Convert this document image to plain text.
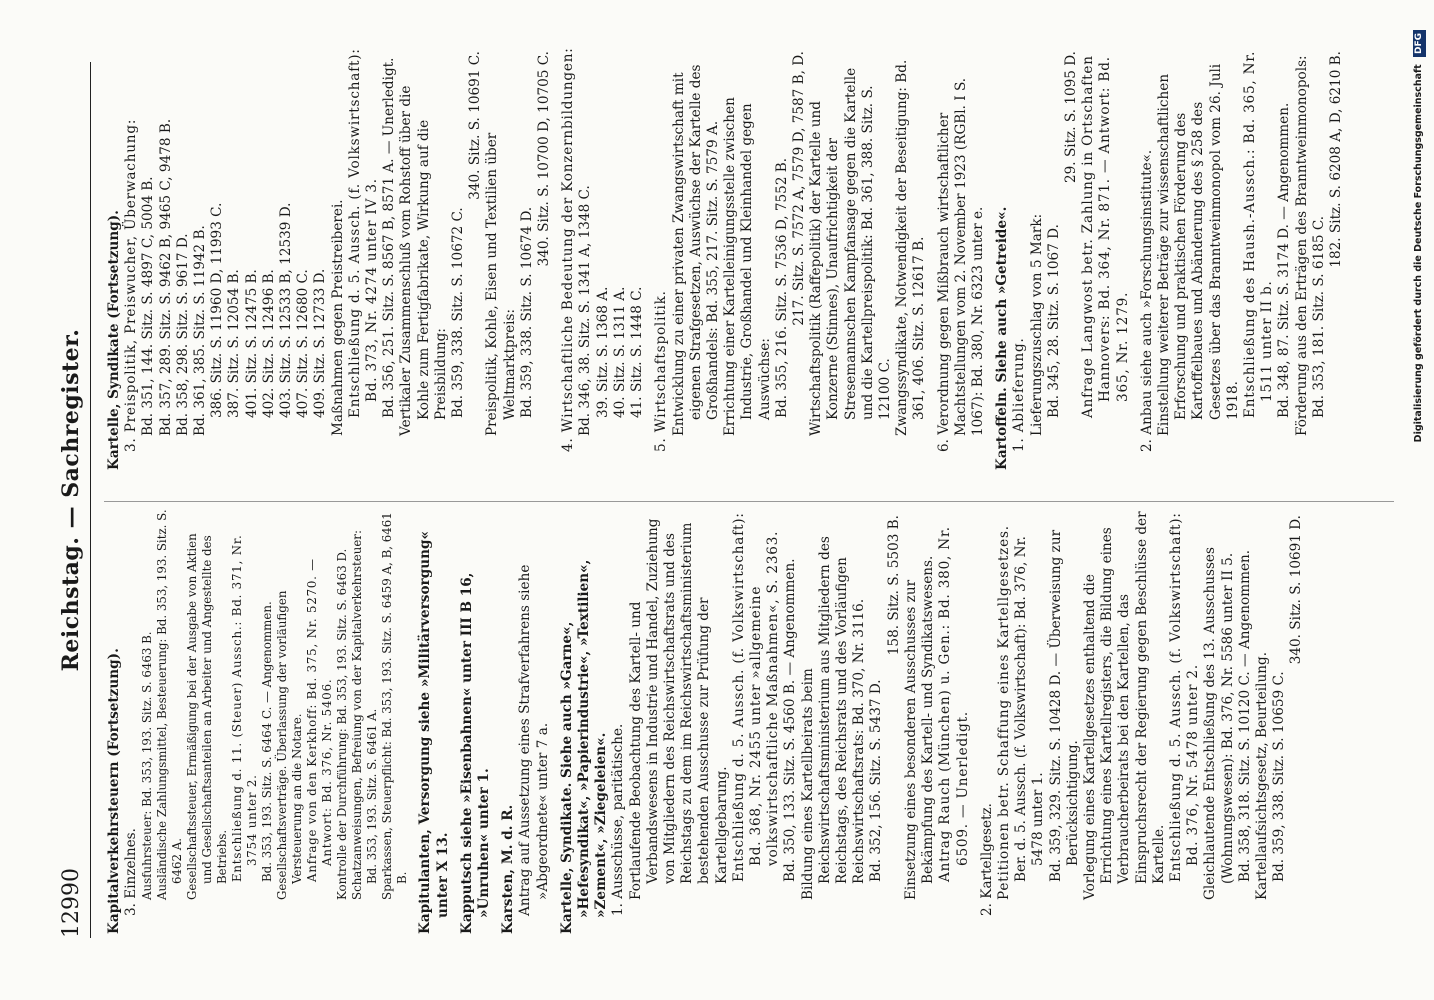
12990
Reichstag. — Sachregister.

Kapitalverkehrsteuern (Fortsetzung). 3. Einzelnes. Ausfuhrsteuer: Bd. 353, 193. Sitz. S. 6463 B. Ausländische Zahlungsmittel, Besteuerung: Bd. 353, 193. Sitz. S. 6462 A. Gesellschaftssteuer, Ermäßigung bei der Ausgabe von Aktien und Gesellschaftsanteilen an Arbeiter und Angestellte des Betriebs. Entschließung d. 11. (Steuer) Aussch.: Bd. 371, Nr. 3754 unter 2. Bd. 353, 193. Sitz. S. 6464 C. — Angenommen. Gesellschaftsverträge. Überlassung der vorläufigen Versteuerung an die Notare. Anfrage von den Kerkhoff: Bd. 375, Nr. 5270. — Antwort: Bd. 376, Nr. 5406. Kontrolle der Durchführung: Bd. 353, 193. Sitz. S. 6463 D. Schatzanweisungen, Befreiung von der Kapitalverkehrsteuer: Bd. 353, 193. Sitz. S. 6461 A. Sparkassen, Steuerpflicht: Bd. 353, 193. Sitz. S. 6459 A, B, 6461 B. Kapitulanten, Versorgung siehe »Militärversorgung« unter X 13. Kapputsch siehe »Eisenbahnen« unter III B 16, »Unruhen« unter 1. Karsten, M. d. R. Antrag auf Aussetzung eines Strafverfahrens siehe »Abgeordnete« unter 7 a. Kartelle, Syndikate. Siehe auch »Garne«, »Hefesyndikat«, »Papierindustrie«, »Textilien«, »Zement«, »Ziegeleien«. 1. Ausschüsse, paritätische. Fortlaufende Beobachtung des Kartell- und Verbandswesens in Industrie und Handel, Zuziehung von Mitgliedern des Reichswirtschaftsrats und des Reichstags zu dem im Reichswirtschaftsministerium bestehenden Ausschusse zur Prüfung der Kartellgebarung. Entschließung d. 5. Aussch. (f. Volkswirtschaft): Bd. 368, Nr. 2455 unter »allgemeine volkswirtschaftliche Maßnahmen«, S. 2363. Bd. 350, 133. Sitz. S. 4560 B. — Angenommen. Bildung eines Kartellbeirats beim Reichswirtschaftsministerium aus Mitgliedern des Reichstags, des Reichsrats und des Vorläufigen Reichswirtschaftsrats: Bd. 370, Nr. 3116. Bd. 352, 156. Sitz. S. 5437 D.

158. Sitz. S. 5503 B. Einsetzung eines besonderen Ausschusses zur Bekämpfung des Kartell- und Syndikatswesens. Antrag Rauch (München) u. Gen.: Bd. 380, Nr. 6509. — Unerledigt. 2. Kartellgesetz. Petitionen betr. Schaffung eines Kartellgesetzes. Ber. d. 5. Aussch. (f. Volkswirtschaft): Bd. 376, Nr. 5478 unter 1. Bd. 359, 329. Sitz. S. 10428 D. — Überweisung zur Berücksichtigung. Vorlegung eines Kartellgesetzes enthaltend die Errichtung eines Kartellregisters, die Bildung eines Verbraucherbeirats bei den Kartellen, das Einspruchsrecht der Regierung gegen Beschlüsse der Kartelle. Entschließung d. 5. Aussch. (f. Volkswirtschaft): Bd. 376, Nr. 5478 unter 2. Gleichlautende Entschließung des 13. Ausschusses (Wohnungswesen): Bd. 376, Nr. 5586 unter II 5. Bd. 358, 318. Sitz. S. 10120 C. — Angenommen. Kartellaufsichtsgesetz, Beurteilung. Bd. 359, 338. Sitz. S. 10659 C.

340. Sitz. S. 10691 D.

Kartelle, Syndikate (Fortsetzung). 3. Preispolitik, Preiswucher, Überwachung: Bd. 351, 144. Sitz. S. 4897 C, 5004 B. Bd. 357, 289. Sitz. S. 9462 B, 9465 C, 9478 B. Bd. 358, 298. Sitz. S. 9617 D. Bd. 361, 385. Sitz. S. 11942 B. 386. Sitz. S. 11960 D, 11993 C. 387. Sitz. S. 12054 B. 401. Sitz. S. 12475 B. 402. Sitz. S. 12496 B. 403. Sitz. S. 12533 B, 12539 D. 407. Sitz. S. 12680 C. 409. Sitz. S. 12733 D. Maßnahmen gegen Preistreiberei. Entschließung d. 5. Aussch. (f. Volkswirtschaft): Bd. 373, Nr. 4274 unter IV 3. Bd. 356, 251. Sitz. S. 8567 B, 8571 A. — Unerledigt. Vertikaler Zusammenschluß vom Rohstoff über die Kohle zum Fertigfabrikate, Wirkung auf die Preisbildung: Bd. 359, 338. Sitz. S. 10672 C.

340. Sitz. S. 10691 C.

Preispolitik, Kohle, Eisen und Textilien über Weltmarktpreis: Bd. 359, 338. Sitz. S. 10674 D.

340. Sitz. S. 10700 D, 10705 C. 4. Wirtschaftliche Bedeutung der Konzernbildungen: Bd. 346, 38. Sitz. S. 1341 A, 1348 C. 39. Sitz. S. 1368 A. 40. Sitz. S. 1311 A. 41. Sitz. S. 1448 C. 5. Wirtschaftspolitik. Entwicklung zu einer privaten Zwangswirtschaft mit eigenen Strafgesetzen, Auswüchse der Kartelle des Großhandels: Bd. 355, 217. Sitz. S. 7579 A. Errichtung einer Kartelleinigungsstelle zwischen Industrie, Großhandel und Kleinhandel gegen Auswüchse: Bd. 355, 216. Sitz. S. 7536 D, 7552 B. 217. Sitz. S. 7572 A, 7579 D, 7587 B, D. Wirtschaftspolitik (Raffepolitik) der Kartelle und Konzerne (Stinnes), Unaufrichtigkeit der Stresemannschen Kampfansage gegen die Kartelle und die Kartellpreispolitik: Bd. 361, 388. Sitz. S. 12100 C. Zwangssyndikate, Notwendigkeit der Beseitigung: Bd. 361, 406. Sitz. S. 12617 B. 6. Verordnung gegen Mißbrauch wirtschaftlicher Machtstellungen vom 2. November 1923 (RGBl. I S. 1067): Bd. 380, Nr. 6323 unter e. Kartoffeln. Siehe auch »Getreide«. 1. Ablieferung. Lieferungszuschlag von 5 Mark: Bd. 345, 28. Sitz. S. 1067 D.

29. Sitz. S. 1095 D. Anfrage Langwost betr. Zahlung in Ortschaften Hannovers: Bd. 364, Nr. 871. — Antwort: Bd. 365, Nr. 1279. 2. Anbau siehe auch »Forschungsinstitute«. Einstellung weiterer Beträge zur wissenschaftlichen Erforschung und praktischen Förderung des Kartoffelbaues und Abänderung des § 258 des Gesetzes über das Branntweinmonopol vom 26. Juli 1918. Entschließung des Haush.-Aussch.: Bd. 365, Nr. 1511 unter II b. Bd. 348, 87. Sitz. S. 3174 D. — Angenommen. Förderung aus den Erträgen des Branntweinmonopols: Bd. 353, 181. Sitz. S. 6185 C.

182. Sitz. S. 6208 A, D, 6210 B.	Digitalisierung gefördert durch die Deutsche Forschungsgemeinschaft DFG
